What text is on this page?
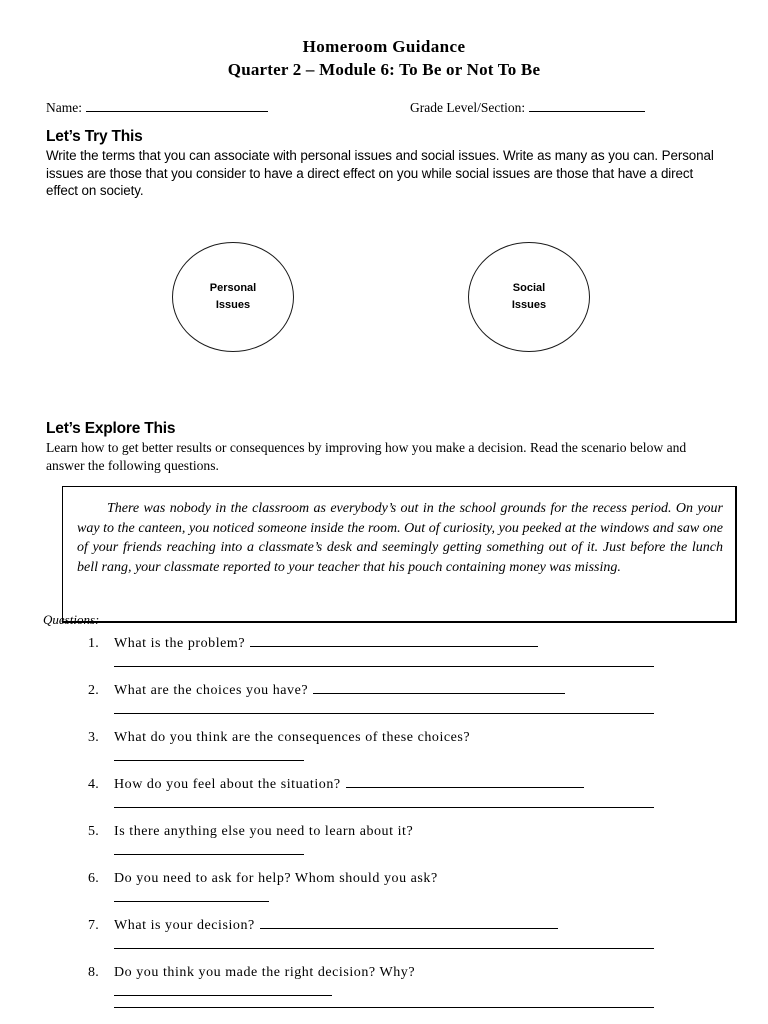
Homeroom Guidance
Quarter 2 – Module 6: To Be or Not To Be
Name:	Grade Level/Section:
Let’s Try This
Write the terms that you can associate with personal issues and social issues. Write as many as you can. Personal issues are those that you consider to have a direct effect on you while social issues are those that have a direct effect on society.
Personal
Issues
Social
Issues
Let’s Explore This
Learn how to get better results or consequences by improving how you make a decision. Read the scenario below and answer the following questions.
There was nobody in the classroom as everybody’s out in the school grounds for the recess period. On your way to the canteen, you noticed someone inside the room. Out of curiosity, you peeked at the windows and saw one of your friends reaching into a classmate’s desk and seemingly getting something out of it. Just before the lunch bell rang, your classmate reported to your teacher that his pouch containing money was missing.
Questions:
1. What is the problem?
2. What are the choices you have?
3. What do you think are the consequences of these choices?
4. How do you feel about the situation?
5. Is there anything else you need to learn about it?
6. Do you need to ask for help? Whom should you ask?
7. What is your decision?
8. Do you think you made the right decision? Why?
